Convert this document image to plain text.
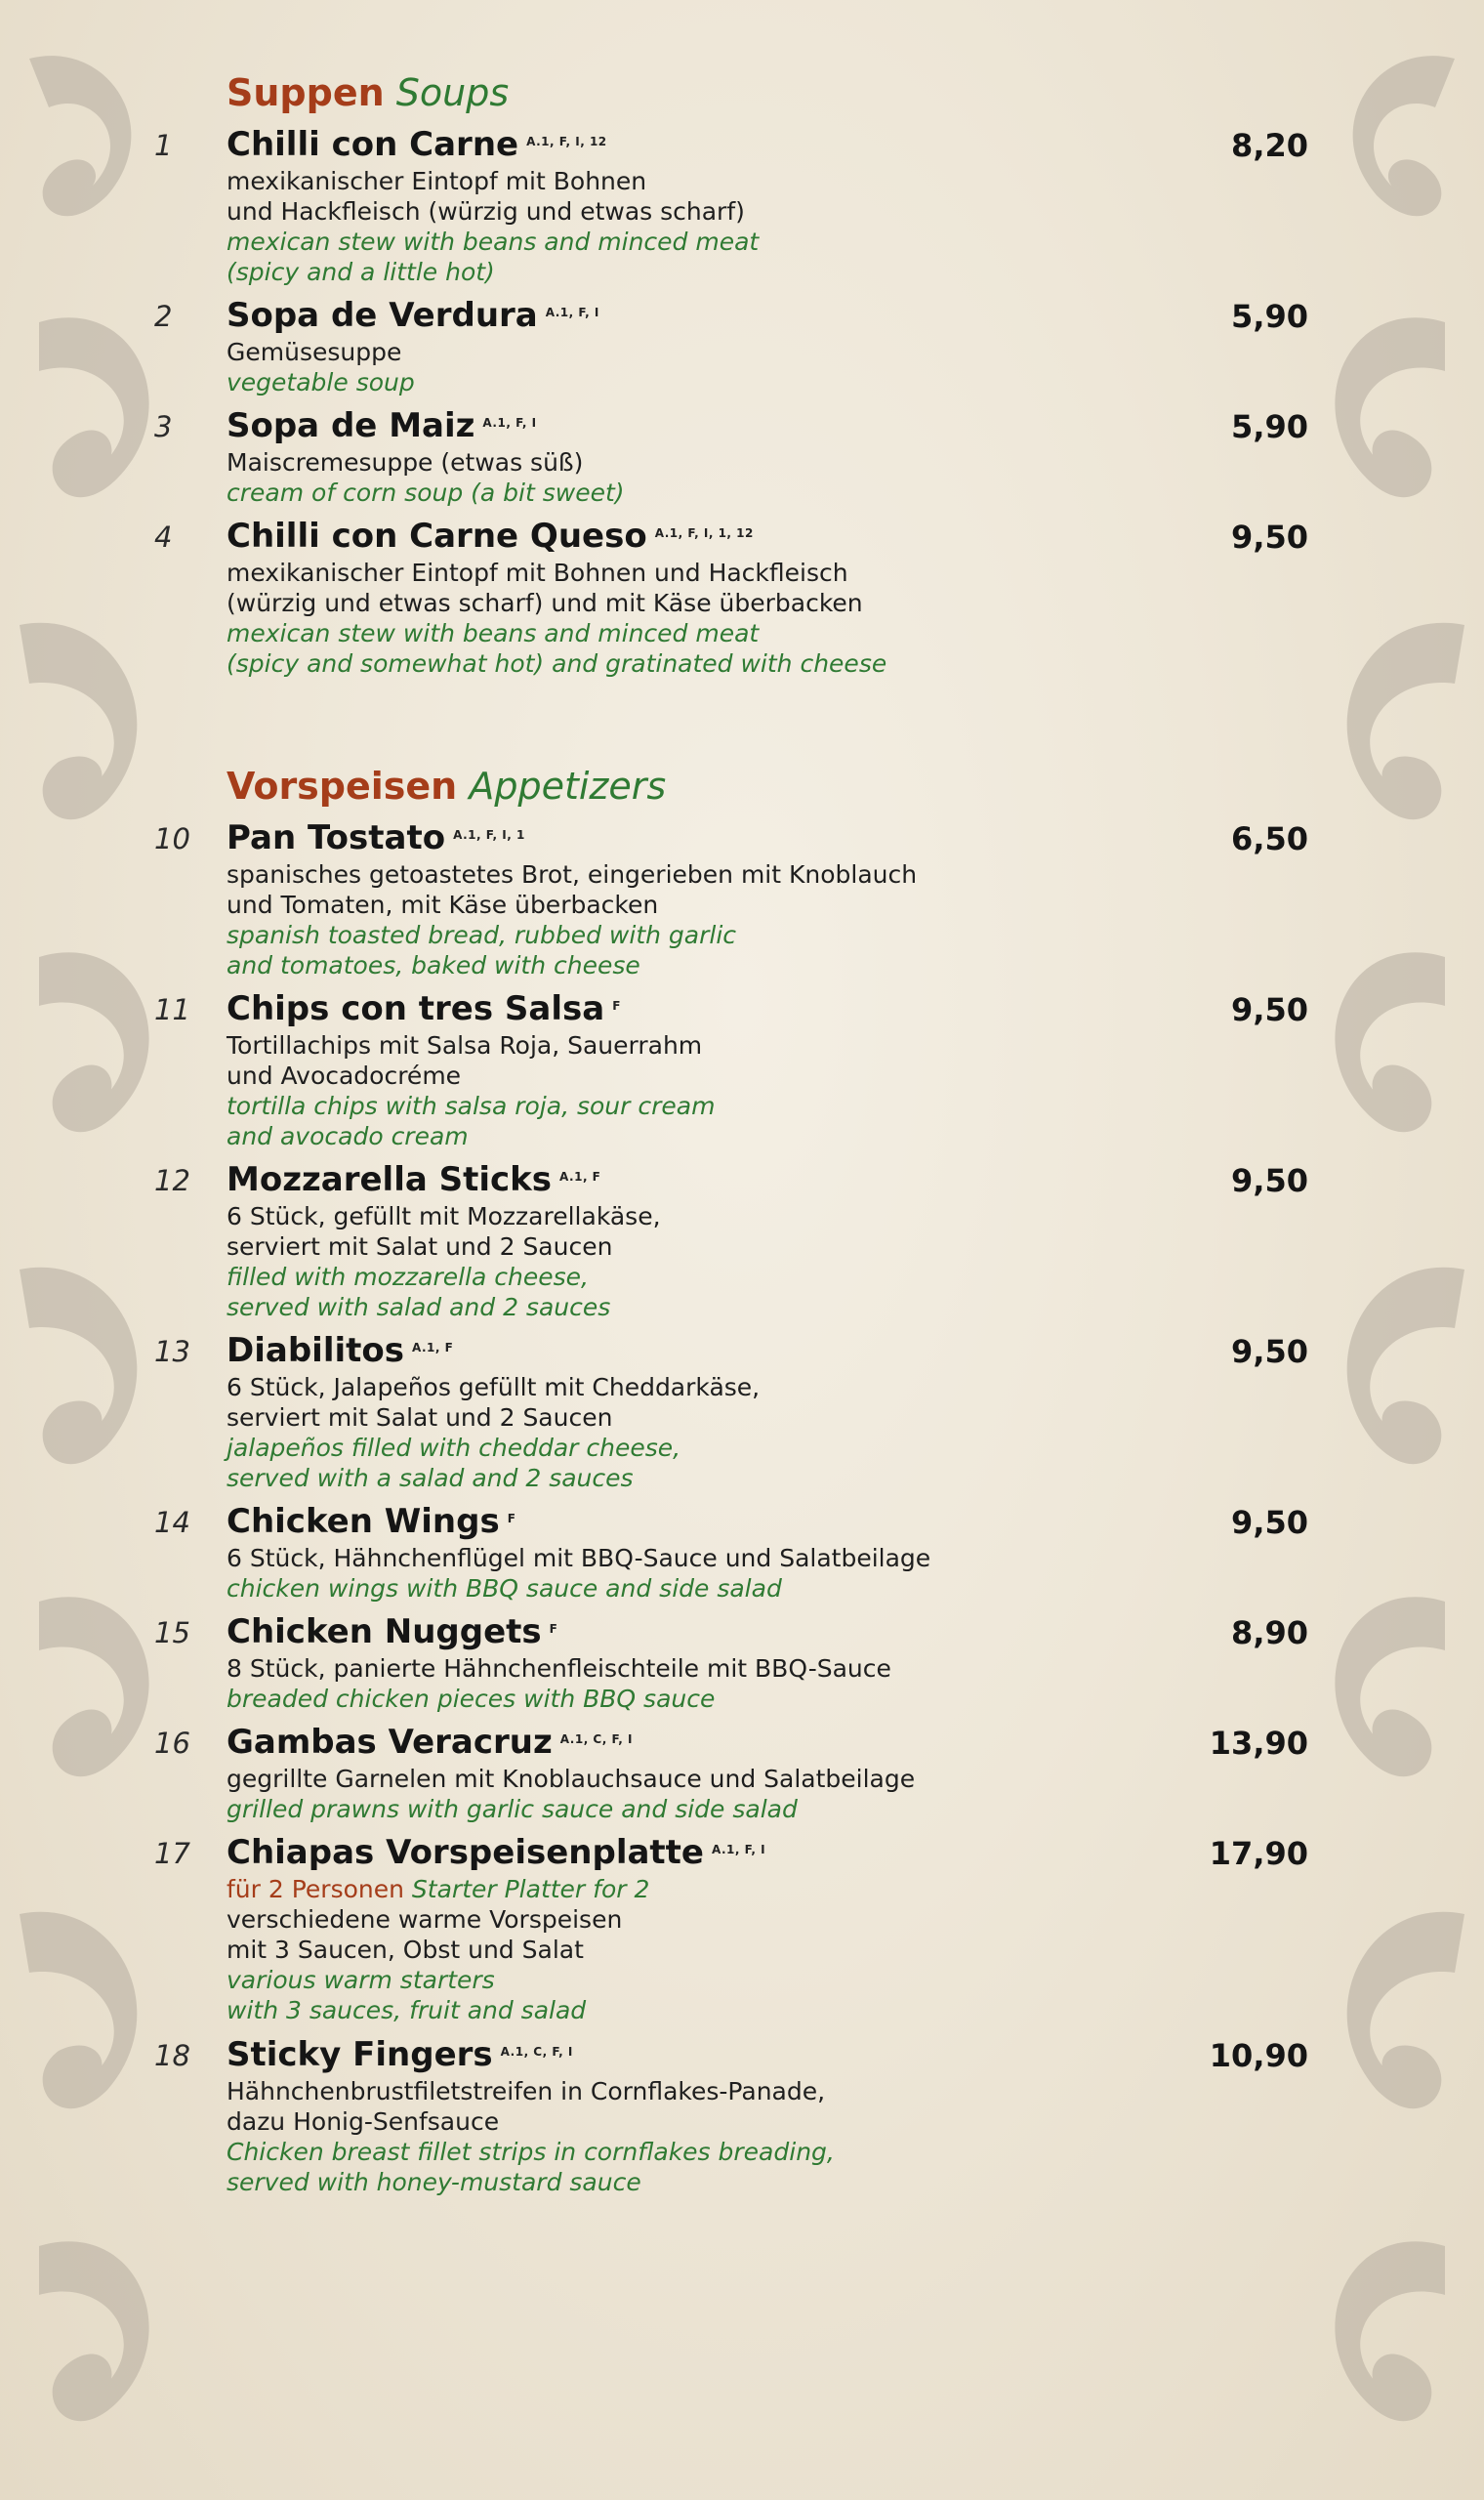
Suppen Soups
1 Chilli con Carne $^{A.1, F, I, 12}$	8,20
mexikanischer Eintopf mit Bohnen
und Hackfleisch (würzig und etwas scharf)
mexican stew with beans and minced meat
(spicy and a little hot)
2 Sopa de Verdura $^{A.1, F, I}$	5,90
Gemüsesuppe
vegetable soup
3 Sopa de Maiz $^{A.1, F, I}$	5,90
Maiscremesuppe (etwas süß)
cream of corn soup (a bit sweet)
4 Chilli con Carne Queso $^{A.1, F, I, 1, 12}$	9,50
mexikanischer Eintopf mit Bohnen und Hackfleisch
(würzig und etwas scharf) und mit Käse überbacken
mexican stew with beans and minced meat
(spicy and somewhat hot) and gratinated with cheese
Vorspeisen Appetizers
10 Pan Tostato $^{A.1, F, I, 1}$	6,50
spanisches getoastetes Brot, eingerieben mit Knoblauch
und Tomaten, mit Käse überbacken
spanish toasted bread, rubbed with garlic
and tomatoes, baked with cheese
11 Chips con tres Salsa $^F$	9,50
Tortillachips mit Salsa Roja, Sauerrahm
und Avocadocréme
tortilla chips with salsa roja, sour cream
and avocado cream
12 Mozzarella Sticks $^{A.1, F}$	9,50
6 Stück, gefüllt mit Mozzarellakäse,
serviert mit Salat und 2 Saucen
filled with mozzarella cheese,
served with salad and 2 sauces
13 Diabilitos $^{A.1, F}$	9,50
6 Stück, Jalapeños gefüllt mit Cheddarkäse,
serviert mit Salat und 2 Saucen
jalapeños filled with cheddar cheese,
served with a salad and 2 sauces
14 Chicken Wings $^F$	9,50
6 Stück, Hähnchenflügel mit BBQ-Sauce und Salatbeilage
chicken wings with BBQ sauce and side salad
15 Chicken Nuggets $^F$	8,90
8 Stück, panierte Hähnchenfleischteile mit BBQ-Sauce
breaded chicken pieces with BBQ sauce
16 Gambas Veracruz $^{A.1, C, F, I}$	13,90
gegrillte Garnelen mit Knoblauchsauce und Salatbeilage
grilled prawns with garlic sauce and side salad
17 Chiapas Vorspeisenplatte $^{A.1, F, I}$	17,90
für 2 Personen Starter Platter for 2
verschiedene warme Vorspeisen
mit 3 Saucen, Obst und Salat
various warm starters
with 3 sauces, fruit and salad
18 Sticky Fingers $^{A.1, C, F, I}$	10,90
Hähnchenbrustfiletstreifen in Cornflakes-Panade,
dazu Honig-Senfsauce
Chicken breast fillet strips in cornflakes breading,
served with honey-mustard sauce
